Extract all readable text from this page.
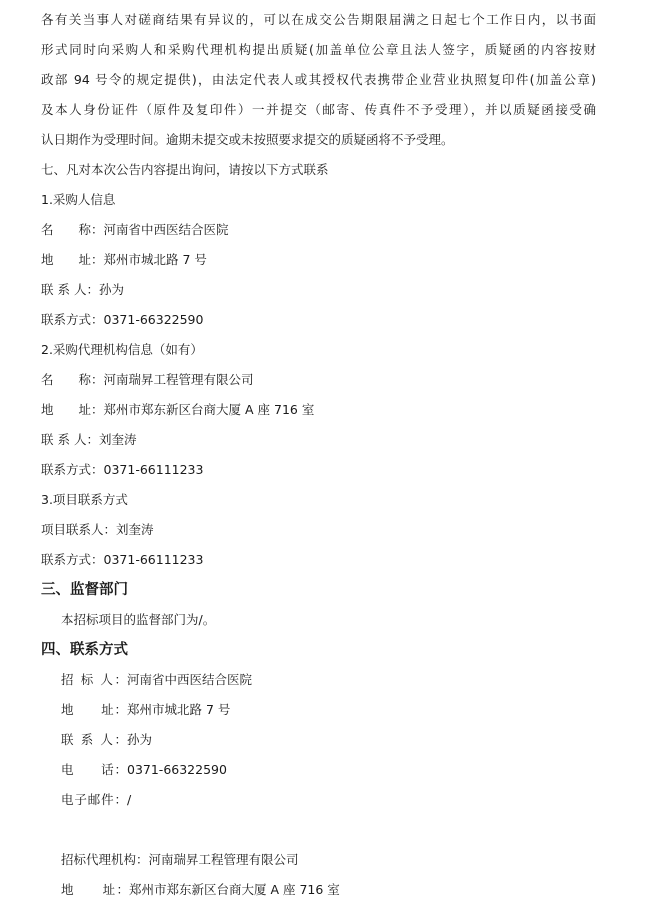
各有关当事人对磋商结果有异议的，可以在成交公告期限届满之日起七个工作日内，以书面
形式同时向采购人和采购代理机构提出质疑(加盖单位公章且法人签字，质疑函的内容按财
政部 94 号令的规定提供)，由法定代表人或其授权代表携带企业营业执照复印件(加盖公章)
及本人身份证件（原件及复印件）一并提交（邮寄、传真件不予受理），并以质疑函接受确
认日期作为受理时间。逾期未提交或未按照要求提交的质疑函将不予受理。
七、凡对本次公告内容提出询问，请按以下方式联系
1.采购人信息
名　　称：河南省中西医结合医院
地　　址：郑州市城北路 7 号
联 系 人：孙为
联系方式：0371-66322590
2.采购代理机构信息（如有）
名　　称：河南瑞昇工程管理有限公司
地　　址：郑州市郑东新区台商大厦 A 座 716 室
联 系 人：刘奎涛
联系方式：0371-66111233
3.项目联系方式
项目联系人：刘奎涛
联系方式：0371-66111233
三、监督部门
本招标项目的监督部门为/。
四、联系方式
招 标 人：河南省中西医结合医院
地　　址：郑州市城北路 7 号
联 系 人：孙为
电　　话：0371-66322590
电子邮件：/
招标代理机构：河南瑞昇工程管理有限公司
地　　址：郑州市郑东新区台商大厦 A 座 716 室
